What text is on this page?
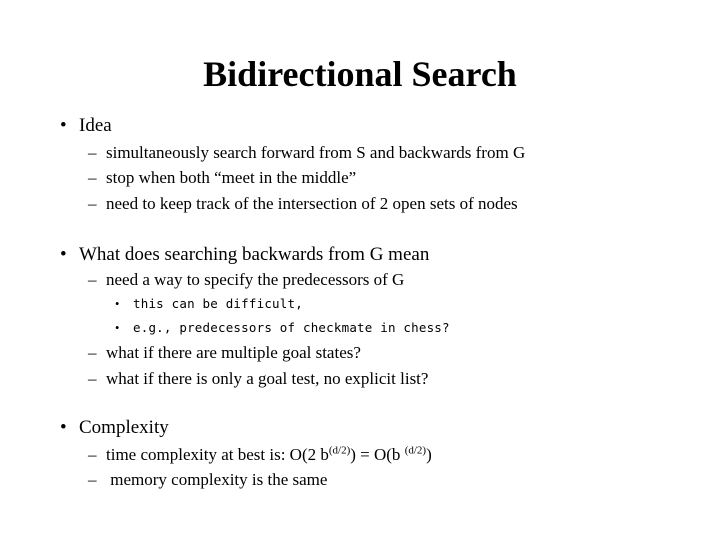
Bidirectional Search
• Idea
– simultaneously search forward from S and backwards from G
– stop when both “meet in the middle”
– need to keep track of the intersection of 2 open sets of nodes
• What does searching backwards from G mean
– need a way to specify the predecessors of G
• this can be difficult,
• e.g., predecessors of checkmate in chess?
– what if there are multiple goal states?
– what if there is only a goal test, no explicit list?
• Complexity
– time complexity at best is: O(2 $b^{(d/2)}) = O(b$ $^{(d/2)}$)
– memory complexity is the same
